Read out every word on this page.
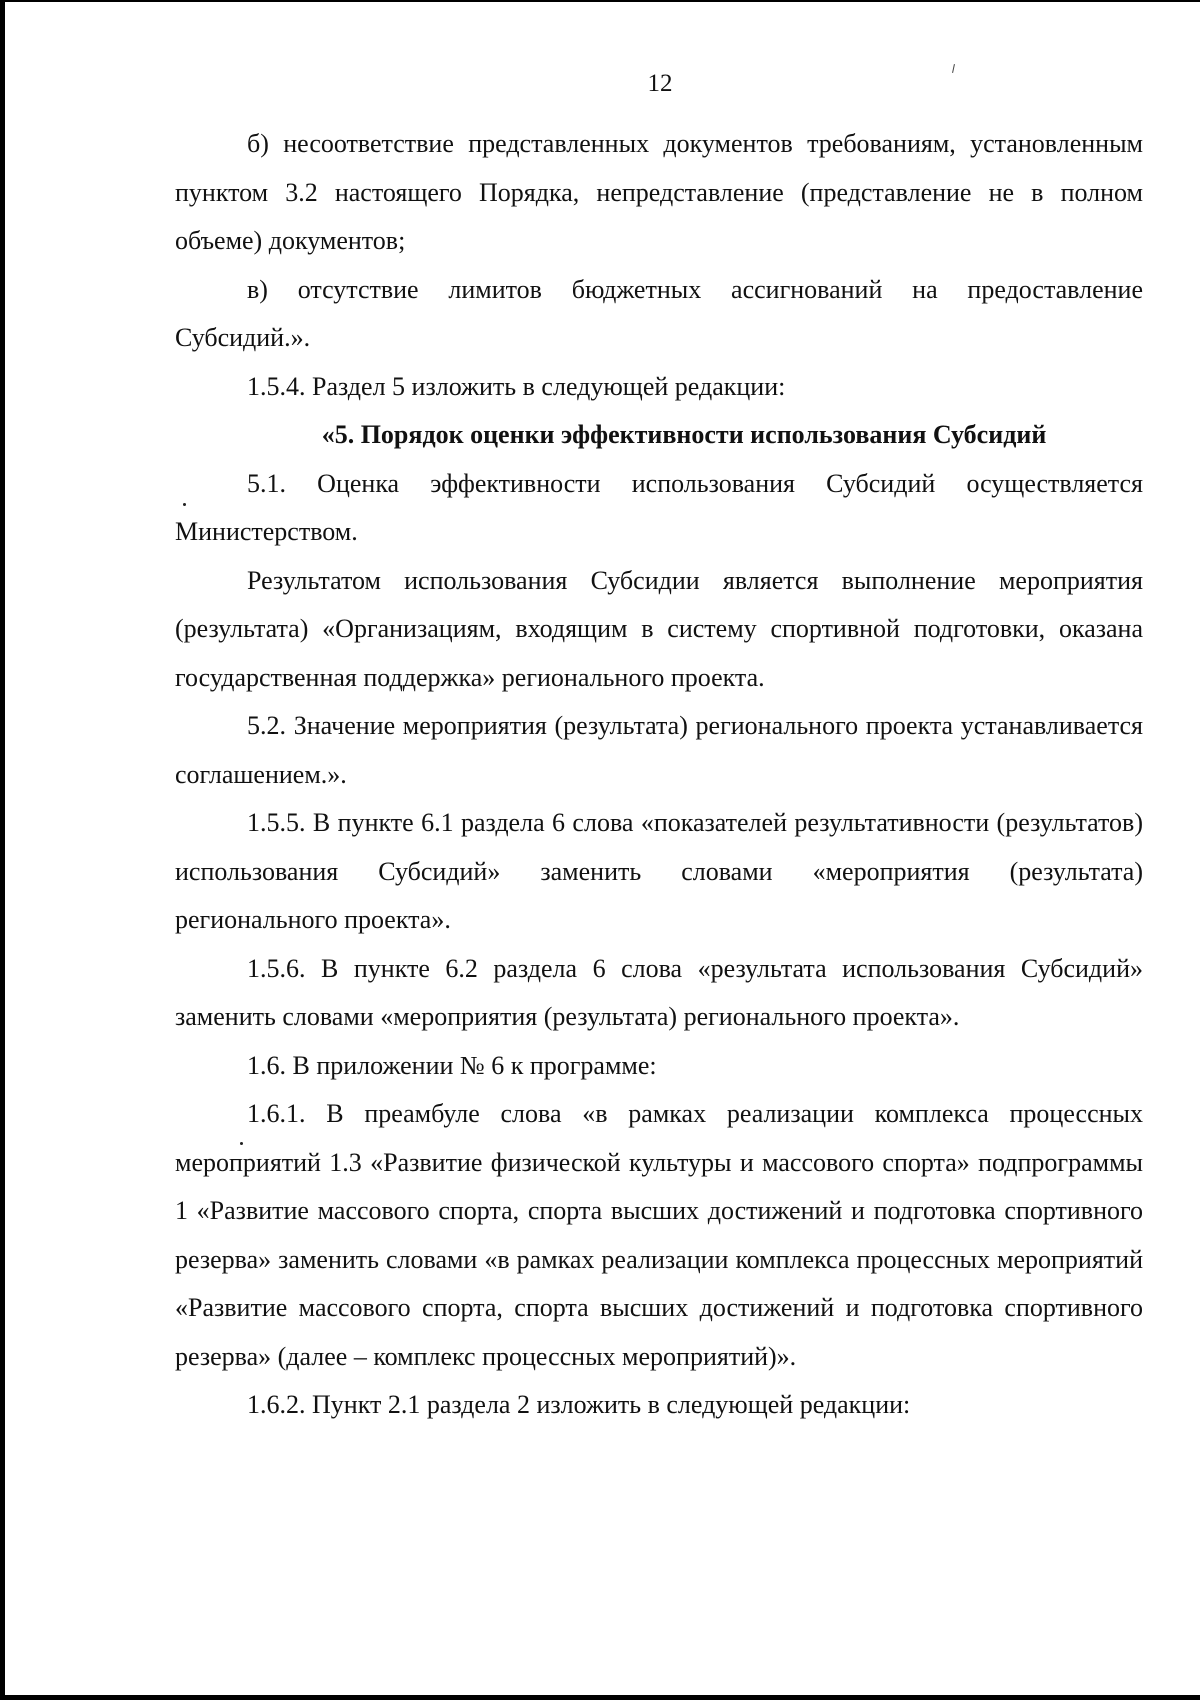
12

б) несоответствие представленных документов требованиям, установленным пунктом 3.2 настоящего Порядка, непредставление (представление не в полном объеме) документов;

в) отсутствие лимитов бюджетных ассигнований на предоставление Субсидий.».

1.5.4. Раздел 5 изложить в следующей редакции:

«5. Порядок оценки эффективности использования Субсидий

5.1. Оценка эффективности использования Субсидий осуществляется Министерством.

Результатом использования Субсидии является выполнение мероприятия (результата) «Организациям, входящим в систему спортивной подготовки, оказана государственная поддержка» регионального проекта.

5.2. Значение мероприятия (результата) регионального проекта устанавливается соглашением.».

1.5.5. В пункте 6.1 раздела 6 слова «показателей результативности (результатов) использования Субсидий» заменить словами «мероприятия (результата) регионального проекта».

1.5.6. В пункте 6.2 раздела 6 слова «результата использования Субсидий» заменить словами «мероприятия (результата) регионального проекта».

1.6. В приложении № 6 к программе:

1.6.1. В преамбуле слова «в рамках реализации комплекса процессных мероприятий 1.3 «Развитие физической культуры и массового спорта» подпрограммы 1 «Развитие массового спорта, спорта высших достижений и подготовка спортивного резерва» заменить словами «в рамках реализации комплекса процессных мероприятий «Развитие массового спорта, спорта высших достижений и подготовка спортивного резерва» (далее – комплекс процессных мероприятий)».

1.6.2. Пункт 2.1 раздела 2 изложить в следующей редакции:
